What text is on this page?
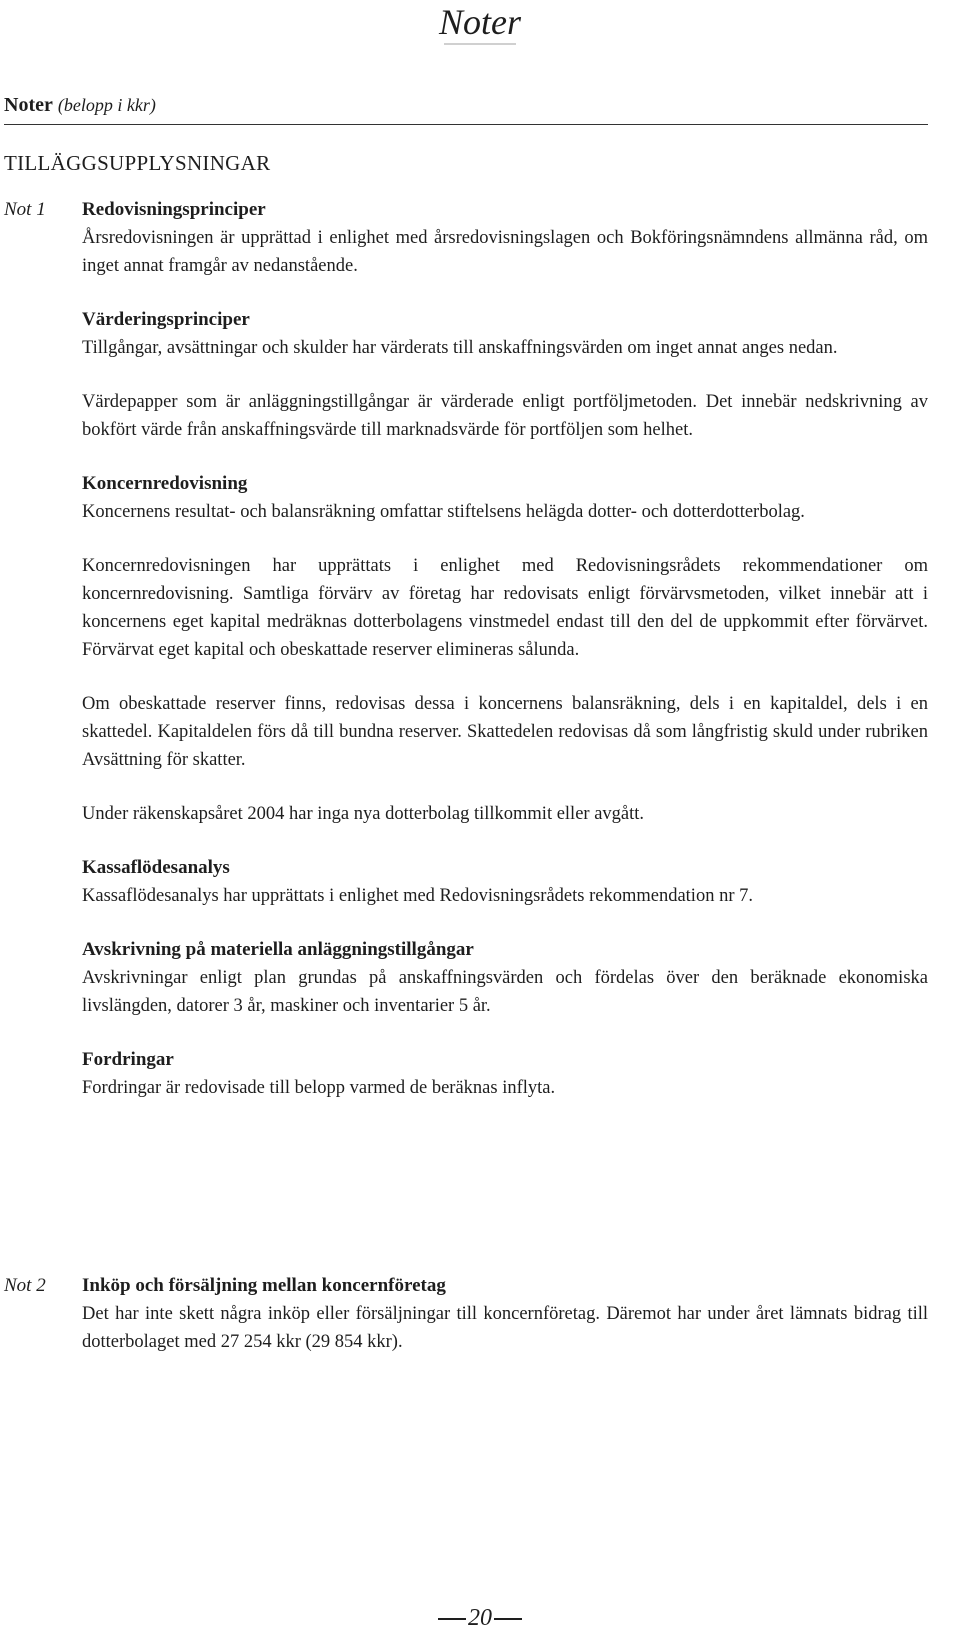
Noter
Noter (belopp i kkr)
TILLÄGGSUPPLYSNINGAR
Not 1 Redovisningsprinciper

Årsredovisningen är upprättad i enlighet med årsredovisningslagen och Bokföringsnämndens allmänna råd, om inget annat framgår av nedanstående.

Värderingsprinciper

Tillgångar, avsättningar och skulder har värderats till anskaffningsvärden om inget annat anges nedan.

Värdepapper som är anläggningstillgångar är värderade enligt portföljmetoden. Det innebär nedskrivning av bokfört värde från anskaffningsvärde till marknadsvärde för portföljen som helhet.

Koncernredovisning

Koncernens resultat- och balansräkning omfattar stiftelsens helägda dotter- och dotterdotterbolag.

Koncernredovisningen har upprättats i enlighet med Redovisningsrådets rekommendationer om koncernredovisning. Samtliga förvärv av företag har redovisats enligt förvärvsmetoden, vilket innebär att i koncernens eget kapital medräknas dotterbolagens vinstmedel endast till den del de uppkommit efter förvärvet. Förvärvat eget kapital och obeskattade reserver elimineras sålunda.

Om obeskattade reserver finns, redovisas dessa i koncernens balansräkning, dels i en kapitaldel, dels i en skattedel. Kapitaldelen förs då till bundna reserver. Skattedelen redovisas då som långfristig skuld under rubriken Avsättning för skatter.

Under räkenskapsåret 2004 har inga nya dotterbolag tillkommit eller avgått.

Kassaflödesanalys

Kassaflödesanalys har upprättats i enlighet med Redovisningsrådets rekommendation nr 7.

Avskrivning på materiella anläggningstillgångar

Avskrivningar enligt plan grundas på anskaffningsvärden och fördelas över den beräknade ekonomiska livslängden, datorer 3 år, maskiner och inventarier 5 år.

Fordringar

Fordringar är redovisade till belopp varmed de beräknas inflyta.

Not 2 Inköp och försäljning mellan koncernföretag

Det har inte skett några inköp eller försäljningar till koncernföretag. Däremot har under året lämnats bidrag till dotterbolaget med 27 254 kkr (29 854 kkr).

20
